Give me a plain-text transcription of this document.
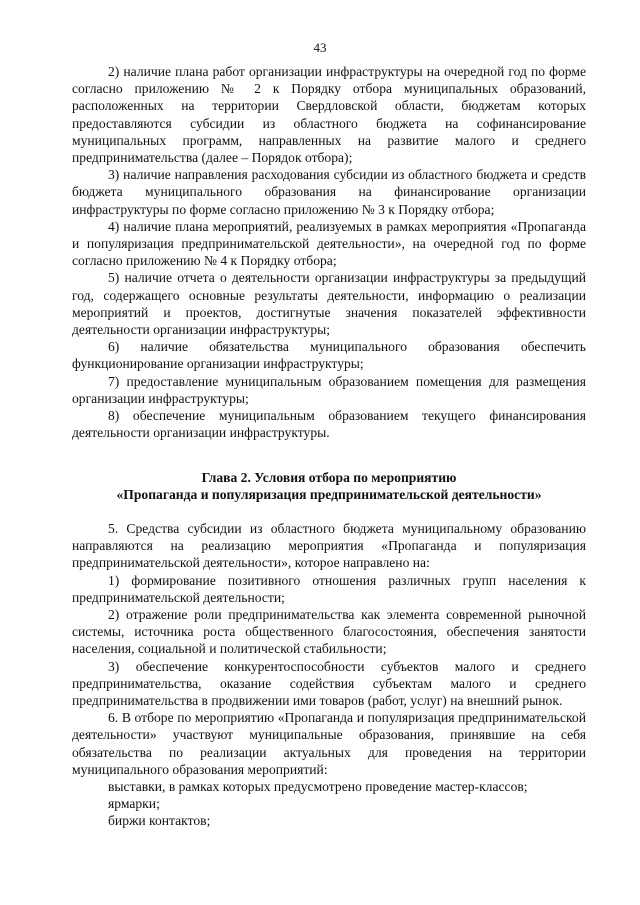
43

2) наличие плана работ организации инфраструктуры на очередной год по форме согласно приложению № 2 к Порядку отбора муниципальных образований, расположенных на территории Свердловской области, бюджетам которых предоставляются субсидии из областного бюджета на софинансирование муниципальных программ, направленных на развитие малого и среднего предпринимательства (далее – Порядок отбора);

3) наличие направления расходования субсидии из областного бюджета и средств бюджета муниципального образования на финансирование организации инфраструктуры по форме согласно приложению № 3 к Порядку отбора;

4) наличие плана мероприятий, реализуемых в рамках мероприятия «Пропаганда и популяризация предпринимательской деятельности», на очередной год по форме согласно приложению № 4 к Порядку отбора;

5) наличие отчета о деятельности организации инфраструктуры за предыдущий год, содержащего основные результаты деятельности, информацию о реализации мероприятий и проектов, достигнутые значения показателей эффективности деятельности организации инфраструктуры;

6) наличие обязательства муниципального образования обеспечить функционирование организации инфраструктуры;

7) предоставление муниципальным образованием помещения для размещения организации инфраструктуры;

8) обеспечение муниципальным образованием текущего финансирования деятельности организации инфраструктуры.

Глава 2. Условия отбора по мероприятию
«Пропаганда и популяризация предпринимательской деятельности»

5. Средства субсидии из областного бюджета муниципальному образованию направляются на реализацию мероприятия «Пропаганда и популяризация предпринимательской деятельности», которое направлено на:

1) формирование позитивного отношения различных групп населения к предпринимательской деятельности;

2) отражение роли предпринимательства как элемента современной рыночной системы, источника роста общественного благосостояния, обеспечения занятости населения, социальной и политической стабильности;

3) обеспечение конкурентоспособности субъектов малого и среднего предпринимательства, оказание содействия субъектам малого и среднего предпринимательства в продвижении ими товаров (работ, услуг) на внешний рынок.

6. В отборе по мероприятию «Пропаганда и популяризация предпринимательской деятельности» участвуют муниципальные образования, принявшие на себя обязательства по реализации актуальных для проведения на территории муниципального образования мероприятий:

выставки, в рамках которых предусмотрено проведение мастер-классов;

ярмарки;

биржи контактов;
